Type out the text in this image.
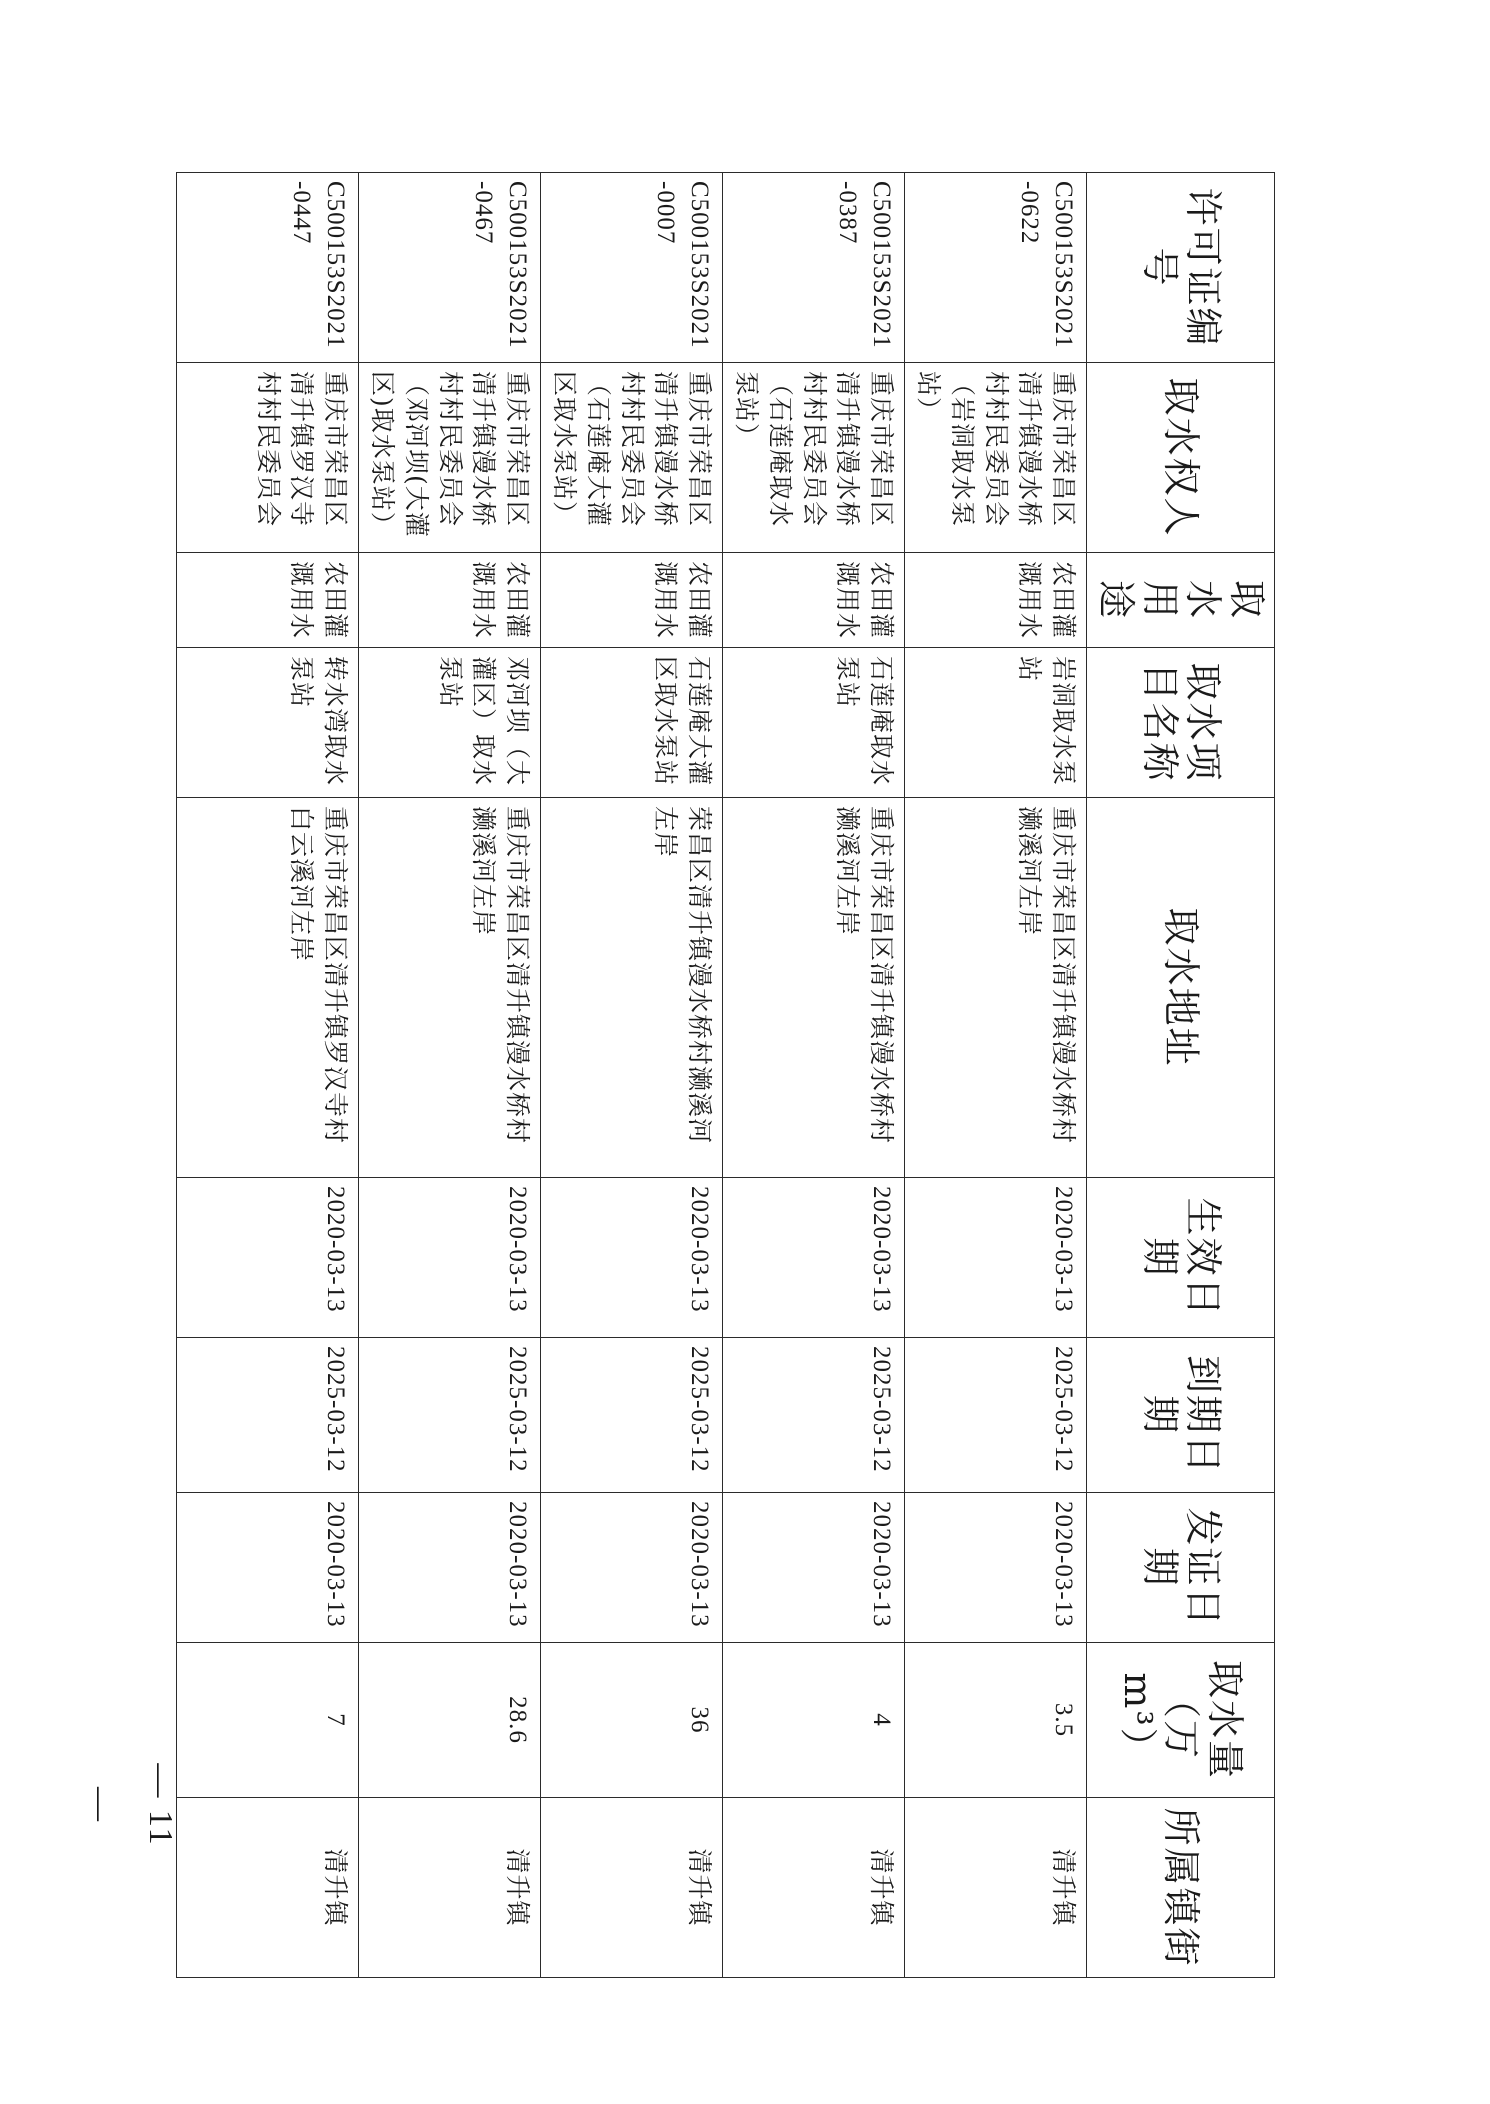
许可证编号	取水权人	取水用途	取水项目名称	取水地址	生效日期	到期日期	发证日期	取水量（万m³）	所属镇街
C500153S2021-0622	重庆市荣昌区清升镇漫水桥村村民委员会（岩洞取水泵站）	农田灌溉用水	岩洞取水泵站	重庆市荣昌区清升镇漫水桥村濑溪河左岸	2020-03-13	2025-03-12	2020-03-13	3.5	清升镇
C500153S2021-0387	重庆市荣昌区清升镇漫水桥村村民委员会（石莲庵取水泵站）	农田灌溉用水	石莲庵取水泵站	重庆市荣昌区清升镇漫水桥村濑溪河左岸	2020-03-13	2025-03-12	2020-03-13	4	清升镇
C500153S2021-0007	重庆市荣昌区清升镇漫水桥村村民委员会（石莲庵大灌区取水泵站）	农田灌溉用水	石莲庵大灌区取水泵站	荣昌区清升镇漫水桥村濑溪河左岸	2020-03-13	2025-03-12	2020-03-13	36	清升镇
C500153S2021-0467	重庆市荣昌区清升镇漫水桥村村民委员会（邓河坝(大灌区)取水泵站）	农田灌溉用水	邓河坝（大灌区）取水泵站	重庆市荣昌区清升镇漫水桥村濑溪河左岸	2020-03-13	2025-03-12	2020-03-13	28.6	清升镇
C500153S2021-0447	重庆市荣昌区清升镇罗汉寺村村民委员会	农田灌溉用水	转水湾取水泵站	重庆市荣昌区清升镇罗汉寺村白云溪河左岸	2020-03-13	2025-03-12	2020-03-13	7	清升镇
— 11 —
